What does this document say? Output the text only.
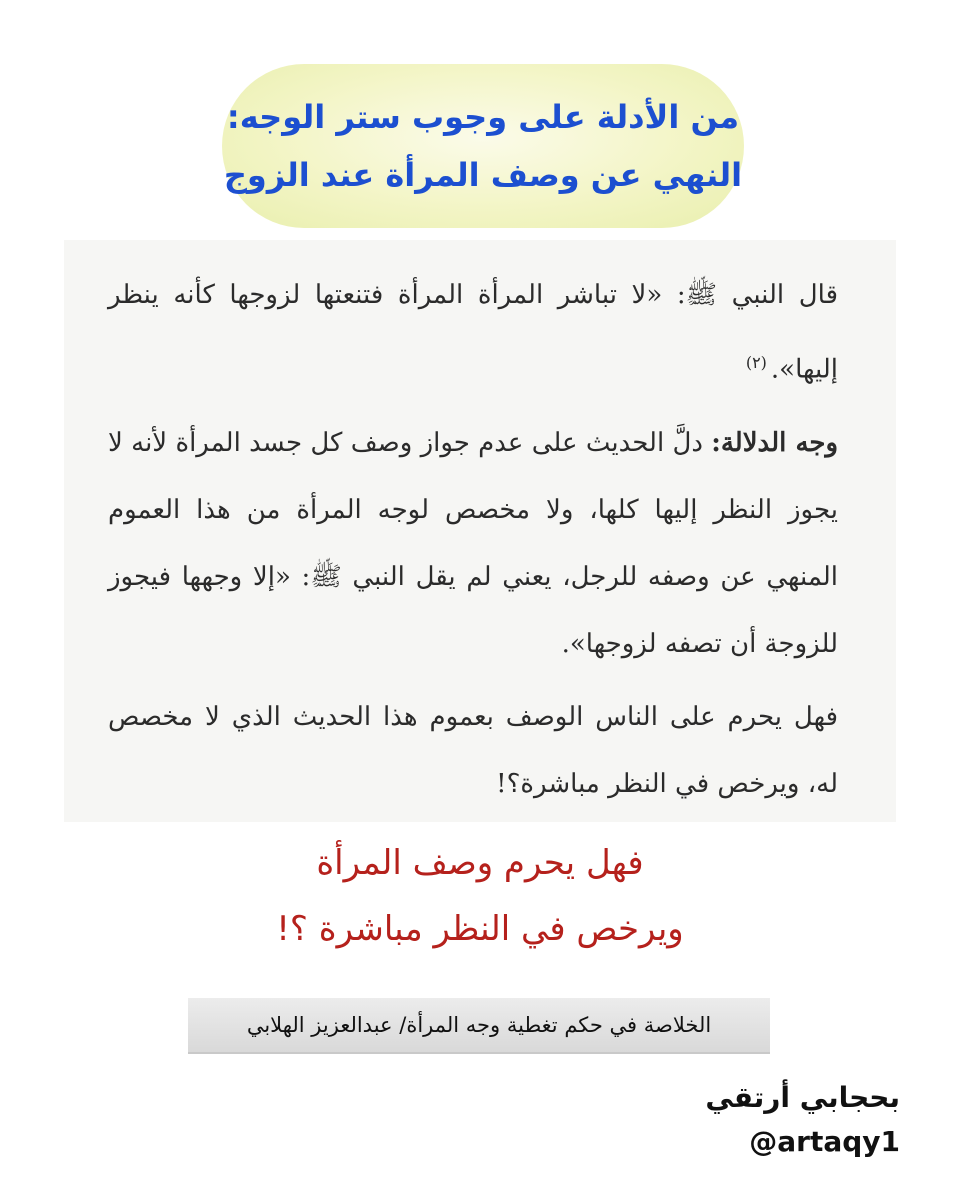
من الأدلة على وجوب ستر الوجه:
النهي عن وصف المرأة عند الزوج

قال النبي ﷺ: «لا تباشر المرأة المرأة فتنعتها لزوجها كأنه ينظر إليها».$^{(٢)}$

وجه الدلالة: دلَّ الحديث على عدم جواز وصف كل جسد المرأة لأنه لا يجوز النظر إليها كلها، ولا مخصص لوجه المرأة من هذا العموم المنهي عن وصفه للرجل، يعني لم يقل النبي ﷺ: «إلا وجهها فيجوز للزوجة أن تصفه لزوجها».

فهل يحرم على الناس الوصف بعموم هذا الحديث الذي لا مخصص له، ويرخص في النظر مباشرة؟!

فهل يحرم وصف المرأة
ويرخص في النظر مباشرة ؟!
الخلاصة في حكم تغطية وجه المرأة/ عبدالعزيز الهلابي
بحجابي أرتقي
@artaqy1
